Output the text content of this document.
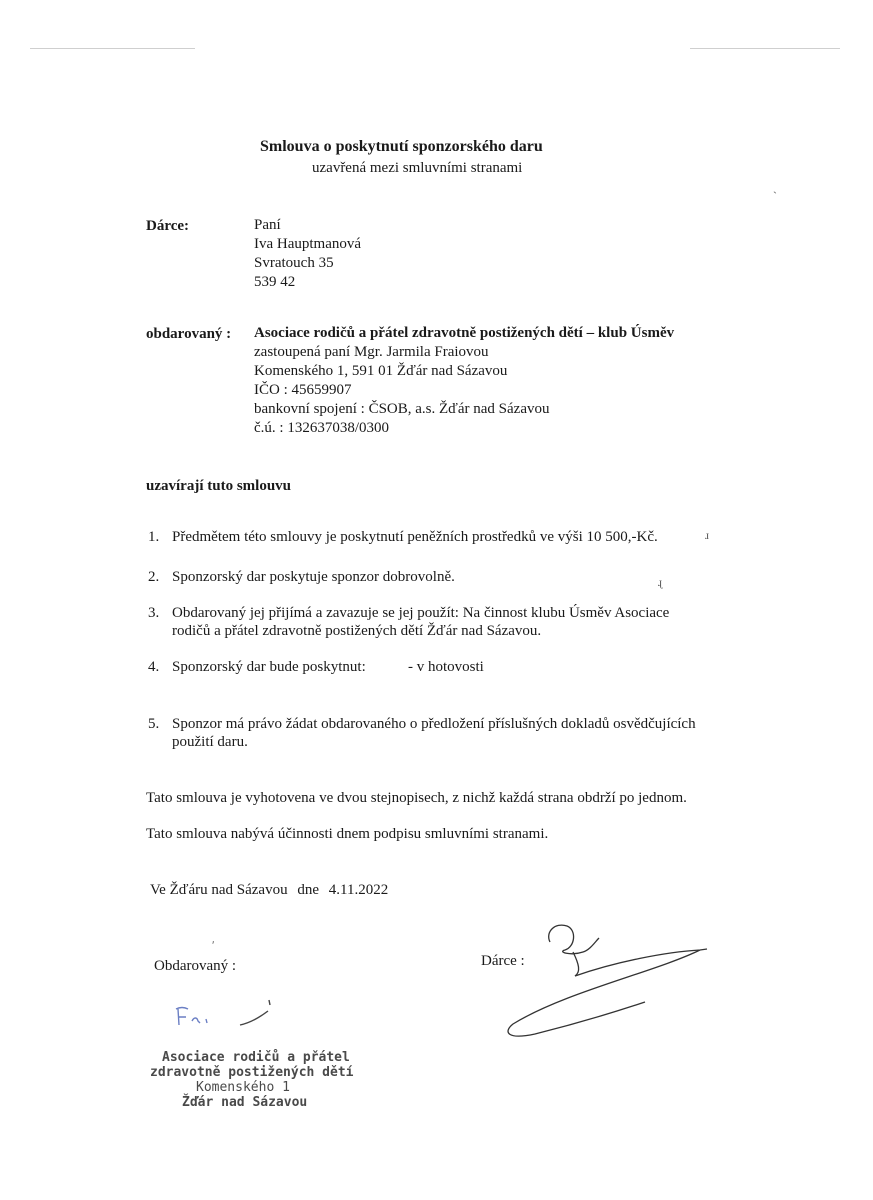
Smlouva o poskytnutí sponzorského daru
uzavřená mezi smluvními stranami
Dárce:	Paní
Iva Hauptmanová
Svratouch 35
539 42
obdarovaný : Asociace rodičů a přátel zdravotně postižených dětí – klub Úsměv
zastoupená paní Mgr. Jarmila Fraiovou
Komenského 1, 591 01 Žďár nad Sázavou
IČO : 45659907
bankovní spojení : ČSOB, a.s. Žďár nad Sázavou
č.ú. : 132637038/0300
uzavírají tuto smlouvu
1. Předmětem této smlouvy je poskytnutí peněžních prostředků ve výši 10 500,-Kč.
2. Sponzorský dar poskytuje sponzor dobrovolně.
3. Obdarovaný jej přijímá a zavazuje se jej použít: Na činnost klubu Úsměv Asociace
rodičů a přátel zdravotně postižených dětí Žďár nad Sázavou.
4. Sponzorský dar bude poskytnut:	- v hotovosti
5. Sponzor má právo žádat obdarovaného o předložení příslušných dokladů osvědčujících
použití daru.
Tato smlouva je vyhotovena ve dvou stejnopisech, z nichž každá strana obdrží po jednom.
Tato smlouva nabývá účinnosti dnem podpisu smluvními stranami.
Ve Žďáru nad Sázavou dne 4.11.2022
Obdarovaný :	Dárce :
Asociace rodičů a přátel
zdravotně postižených dětí
Komenského 1
Žďár nad Sázavou
ˏ
ɹ
ɻ
ʹ
